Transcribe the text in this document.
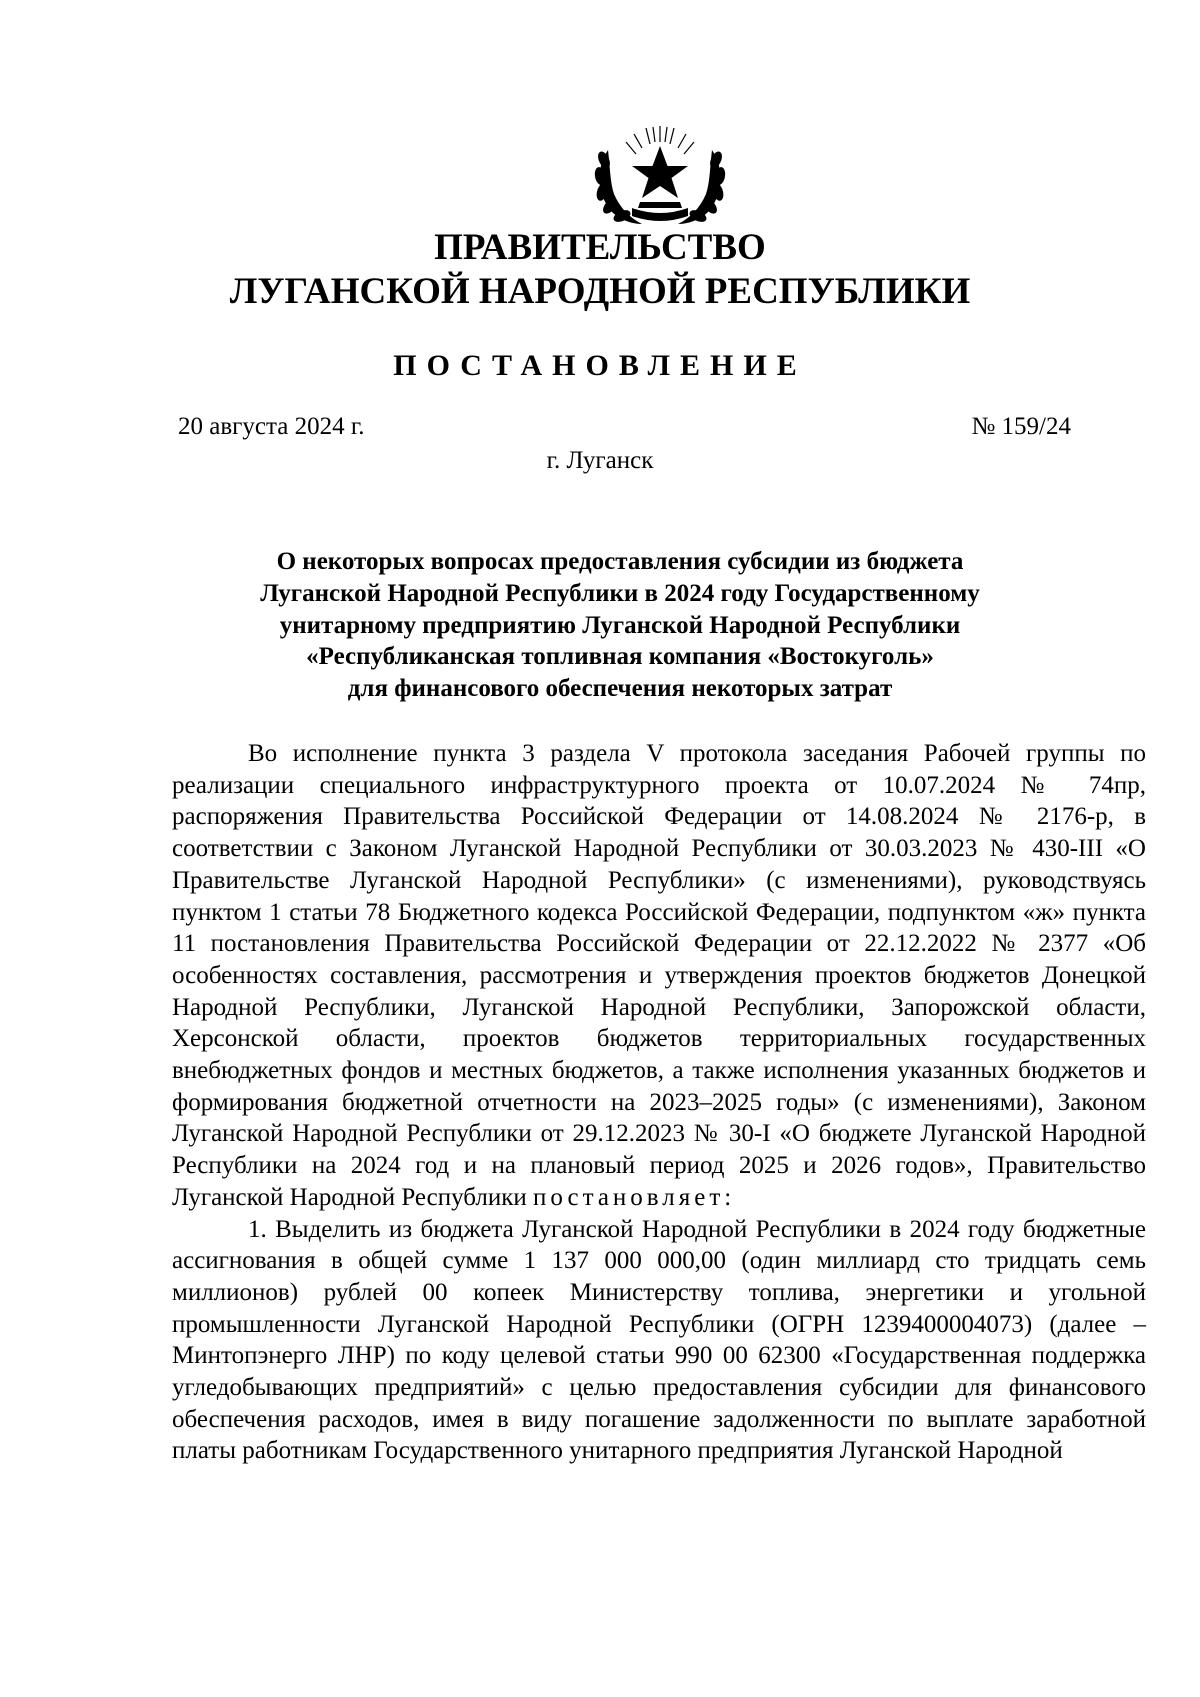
ПРАВИТЕЛЬСТВО
ЛУГАНСКОЙ НАРОДНОЙ РЕСПУБЛИКИ
ПОСТАНОВЛЕНИЕ
20 августа 2024 г.	№ 159/24
г. Луганск
О некоторых вопросах предоставления субсидии из бюджета
Луганской Народной Республики в 2024 году Государственному
унитарному предприятию Луганской Народной Республики
«Республиканская топливная компания «Востокуголь»
для финансового обеспечения некоторых затрат

Во исполнение пункта 3 раздела V протокола заседания Рабочей группы по реализации специального инфраструктурного проекта от 10.07.2024 № 74пр, распоряжения Правительства Российской Федерации от 14.08.2024 № 2176-р, в соответствии с Законом Луганской Народной Республики от 30.03.2023 № 430-III «О Правительстве Луганской Народной Республики» (с изменениями), руководствуясь пунктом 1 статьи 78 Бюджетного кодекса Российской Федерации, подпунктом «ж» пункта 11 постановления Правительства Российской Федерации от 22.12.2022 № 2377 «Об особенностях составления, рассмотрения и утверждения проектов бюджетов Донецкой Народной Республики, Луганской Народной Республики, Запорожской области, Херсонской области, проектов бюджетов территориальных государственных внебюджетных фондов и местных бюджетов, а также исполнения указанных бюджетов и формирования бюджетной отчетности на 2023–2025 годы» (с изменениями), Законом Луганской Народной Республики от 29.12.2023 № 30-I «О бюджете Луганской Народной Республики на 2024 год и на плановый период 2025 и 2026 годов», Правительство Луганской Народной Республики постановляет:

1. Выделить из бюджета Луганской Народной Республики в 2024 году бюджетные ассигнования в общей сумме 1 137 000 000,00 (один миллиард сто тридцать семь миллионов) рублей 00 копеек Министерству топлива, энергетики и угольной промышленности Луганской Народной Республики (ОГРН 1239400004073) (далее – Минтопэнерго ЛНР) по коду целевой статьи 990 00 62300 «Государственная поддержка угледобывающих предприятий» с целью предоставления субсидии для финансового обеспечения расходов, имея в виду погашение задолженности по выплате заработной платы работникам Государственного унитарного предприятия Луганской Народной
